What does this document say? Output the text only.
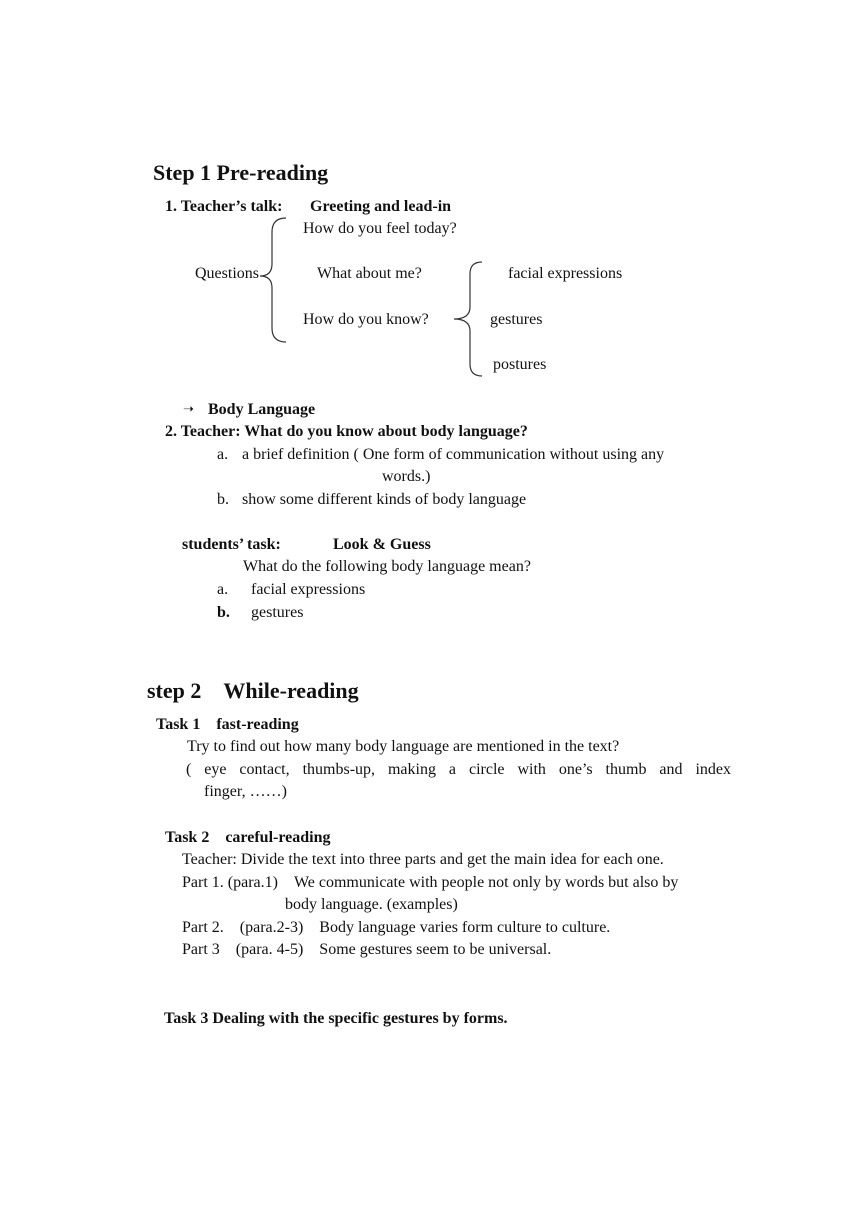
Step 1 Pre-reading
1. Teacher’s talk: Greeting and lead-in
How do you feel today?
Questions	What about me?
How do you know?
facial expressions
gestures
postures
➝ Body Language
2. Teacher: What do you know about body language?
a. a brief definition ( One form of communication without using any
words.)
b. show some different kinds of body language
students’ task:	Look & Guess
What do the following body language mean?
a. facial expressions
b. gestures
step 2 While-reading
Task 1 fast-reading
Try to find out how many body language are mentioned in the text?
( eye contact, thumbs-up, making a circle with one’s thumb and index
finger, ……)
Task 2 careful-reading
Teacher: Divide the text into three parts and get the main idea for each one.
Part 1. (para.1) We communicate with people not only by words but also by
body language. (examples)
Part 2. (para.2-3) Body language varies form culture to culture.
Part 3 (para. 4-5) Some gestures seem to be universal.
Task 3 Dealing with the specific gestures by forms.
